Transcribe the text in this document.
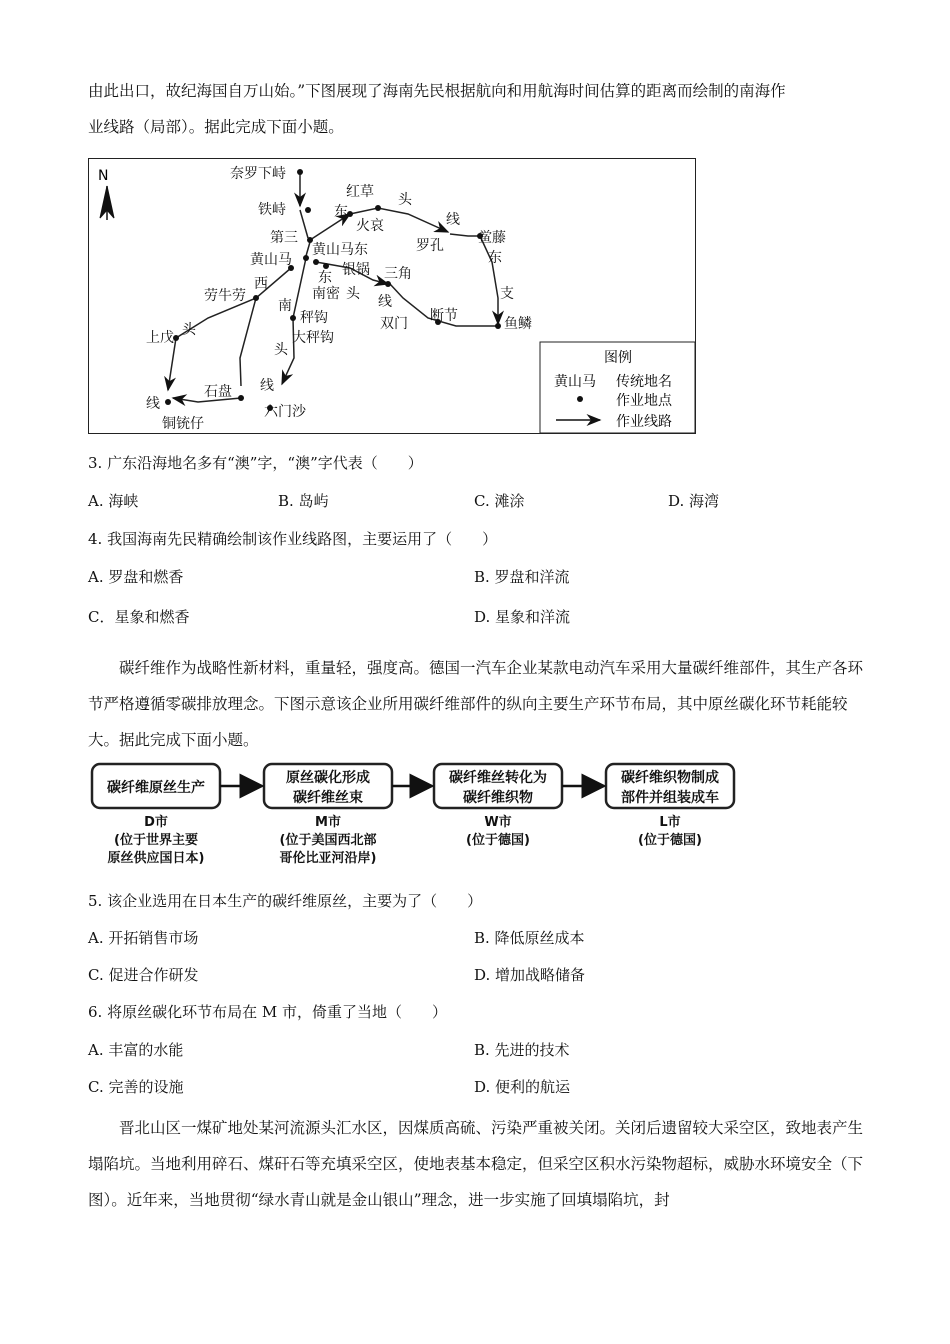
由此出口，故纪海国自万山始。”下图展现了海南先民根据航向和用航海时间估算的距离而绘制的南海作

业线路（局部）。据此完成下面小题。

N	奈罗下峙
铁峙
第三
黄山马东
黄山马
红草
火哀
罗孔 鲎藤
银锅 三角
南密
秤钩
大秤钩
劳牛劳
上戊
铜铳仔
石盘
六门沙
双门 断节	鱼鳞
东
头
线
东
支
西	东
头 线
南
头
线
头
线
图例
黄山马 传统地名
作业地点
作业线路

3. 广东沿海地名多有“澳”字，“澳”字代表（　　）

A. 海峡	B. 岛屿	C. 滩涂	D. 海湾

4. 我国海南先民精确绘制该作业线路图，主要运用了（　　）

A. 罗盘和燃香	B. 罗盘和洋流

C．星象和燃香	D. 星象和洋流

碳纤维作为战略性新材料，重量轻，强度高。德国一汽车企业某款电动汽车采用大量碳纤维部件，其生产各环节严格遵循零碳排放理念。下图示意该企业所用碳纤维部件的纵向主要生产环节布局，其中原丝碳化环节耗能较大。据此完成下面小题。

碳纤维原丝生产
原丝碳化形成
碳纤维丝束
碳纤维丝转化为
碳纤维织物
碳纤维织物制成
部件并组装成车
D市
(位于世界主要
原丝供应国日本)
M市
(位于美国西北部
哥伦比亚河沿岸)
W市
(位于德国)
L市
(位于德国)

5. 该企业选用在日本生产的碳纤维原丝，主要为了（　　）

A. 开拓销售市场	B. 降低原丝成本

C. 促进合作研发	D. 增加战略储备

6. 将原丝碳化环节布局在 M 市，倚重了当地（　　）

A. 丰富的水能	B. 先进的技术

C. 完善的设施	D. 便利的航运

晋北山区一煤矿地处某河流源头汇水区，因煤质高硫、污染严重被关闭。关闭后遗留较大采空区，致地表产生塌陷坑。当地利用碎石、煤矸石等充填采空区，使地表基本稳定，但采空区积水污染物超标，威胁水环境安全（下图）。近年来，当地贯彻“绿水青山就是金山银山”理念，进一步实施了回填塌陷坑，封
